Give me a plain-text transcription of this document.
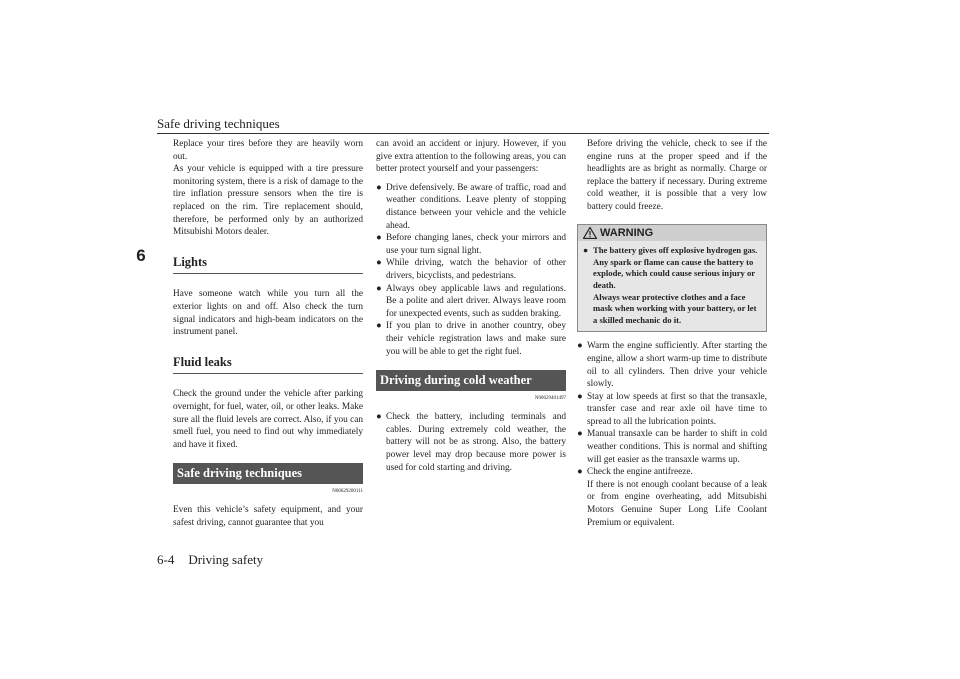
Safe driving techniques
6

Replace your tires before they are heavily worn out.

As your vehicle is equipped with a tire pressure monitoring system, there is a risk of damage to the tire inflation pressure sensors when the tire is replaced on the rim. Tire replacement should, therefore, be performed only by an authorized Mitsubishi Motors dealer.

Lights

Have someone watch while you turn all the exterior lights on and off. Also check the turn signal indicators and high-beam indicators on the instrument panel.

Fluid leaks

Check the ground under the vehicle after parking overnight, for fuel, water, oil, or other leaks. Make sure all the fluid levels are correct. Also, if you can smell fuel, you need to find out why immediately and have it fixed.

Safe driving techniques
N00629200111

Even this vehicle’s safety equipment, and your safest driving, cannot guarantee that you

can avoid an accident or injury. However, if you give extra attention to the following areas, you can better protect yourself and your passengers:

● Drive defensively. Be aware of traffic, road and weather conditions. Leave plenty of stopping distance between your vehicle and the vehicle ahead.
● Before changing lanes, check your mirrors and use your turn signal light.
● While driving, watch the behavior of other drivers, bicyclists, and pedestrians.
● Always obey applicable laws and regulations. Be a polite and alert driver. Always leave room for unexpected events, such as sudden braking.
● If you plan to drive in another country, obey their vehicle registration laws and make sure you will be able to get the right fuel.
Driving during cold weather
N00629401497
● Check the battery, including terminals and cables. During extremely cold weather, the battery will not be as strong. Also, the battery power level may drop because more power is used for cold starting and driving.

Before driving the vehicle, check to see if the engine runs at the proper speed and if the headlights are as bright as normally. Charge or replace the battery if necessary. During extreme cold weather, it is possible that a very low battery could freeze.

WARNING
● The battery gives off explosive hydrogen gas. Any spark or flame can cause the battery to explode, which could cause serious injury or death.
Always wear protective clothes and a face mask when working with your battery, or let a skilled mechanic do it.
● Warm the engine sufficiently. After starting the engine, allow a short warm-up time to distribute oil to all cylinders. Then drive your vehicle slowly.
● Stay at low speeds at first so that the transaxle, transfer case and rear axle oil have time to spread to all the lubrication points.
● Manual transaxle can be harder to shift in cold weather conditions. This is normal and shifting will get easier as the transaxle warms up.
● Check the engine antifreeze.

If there is not enough coolant because of a leak or from engine overheating, add Mitsubishi Motors Genuine Super Long Life Coolant Premium or equivalent.

6-4 Driving safety
